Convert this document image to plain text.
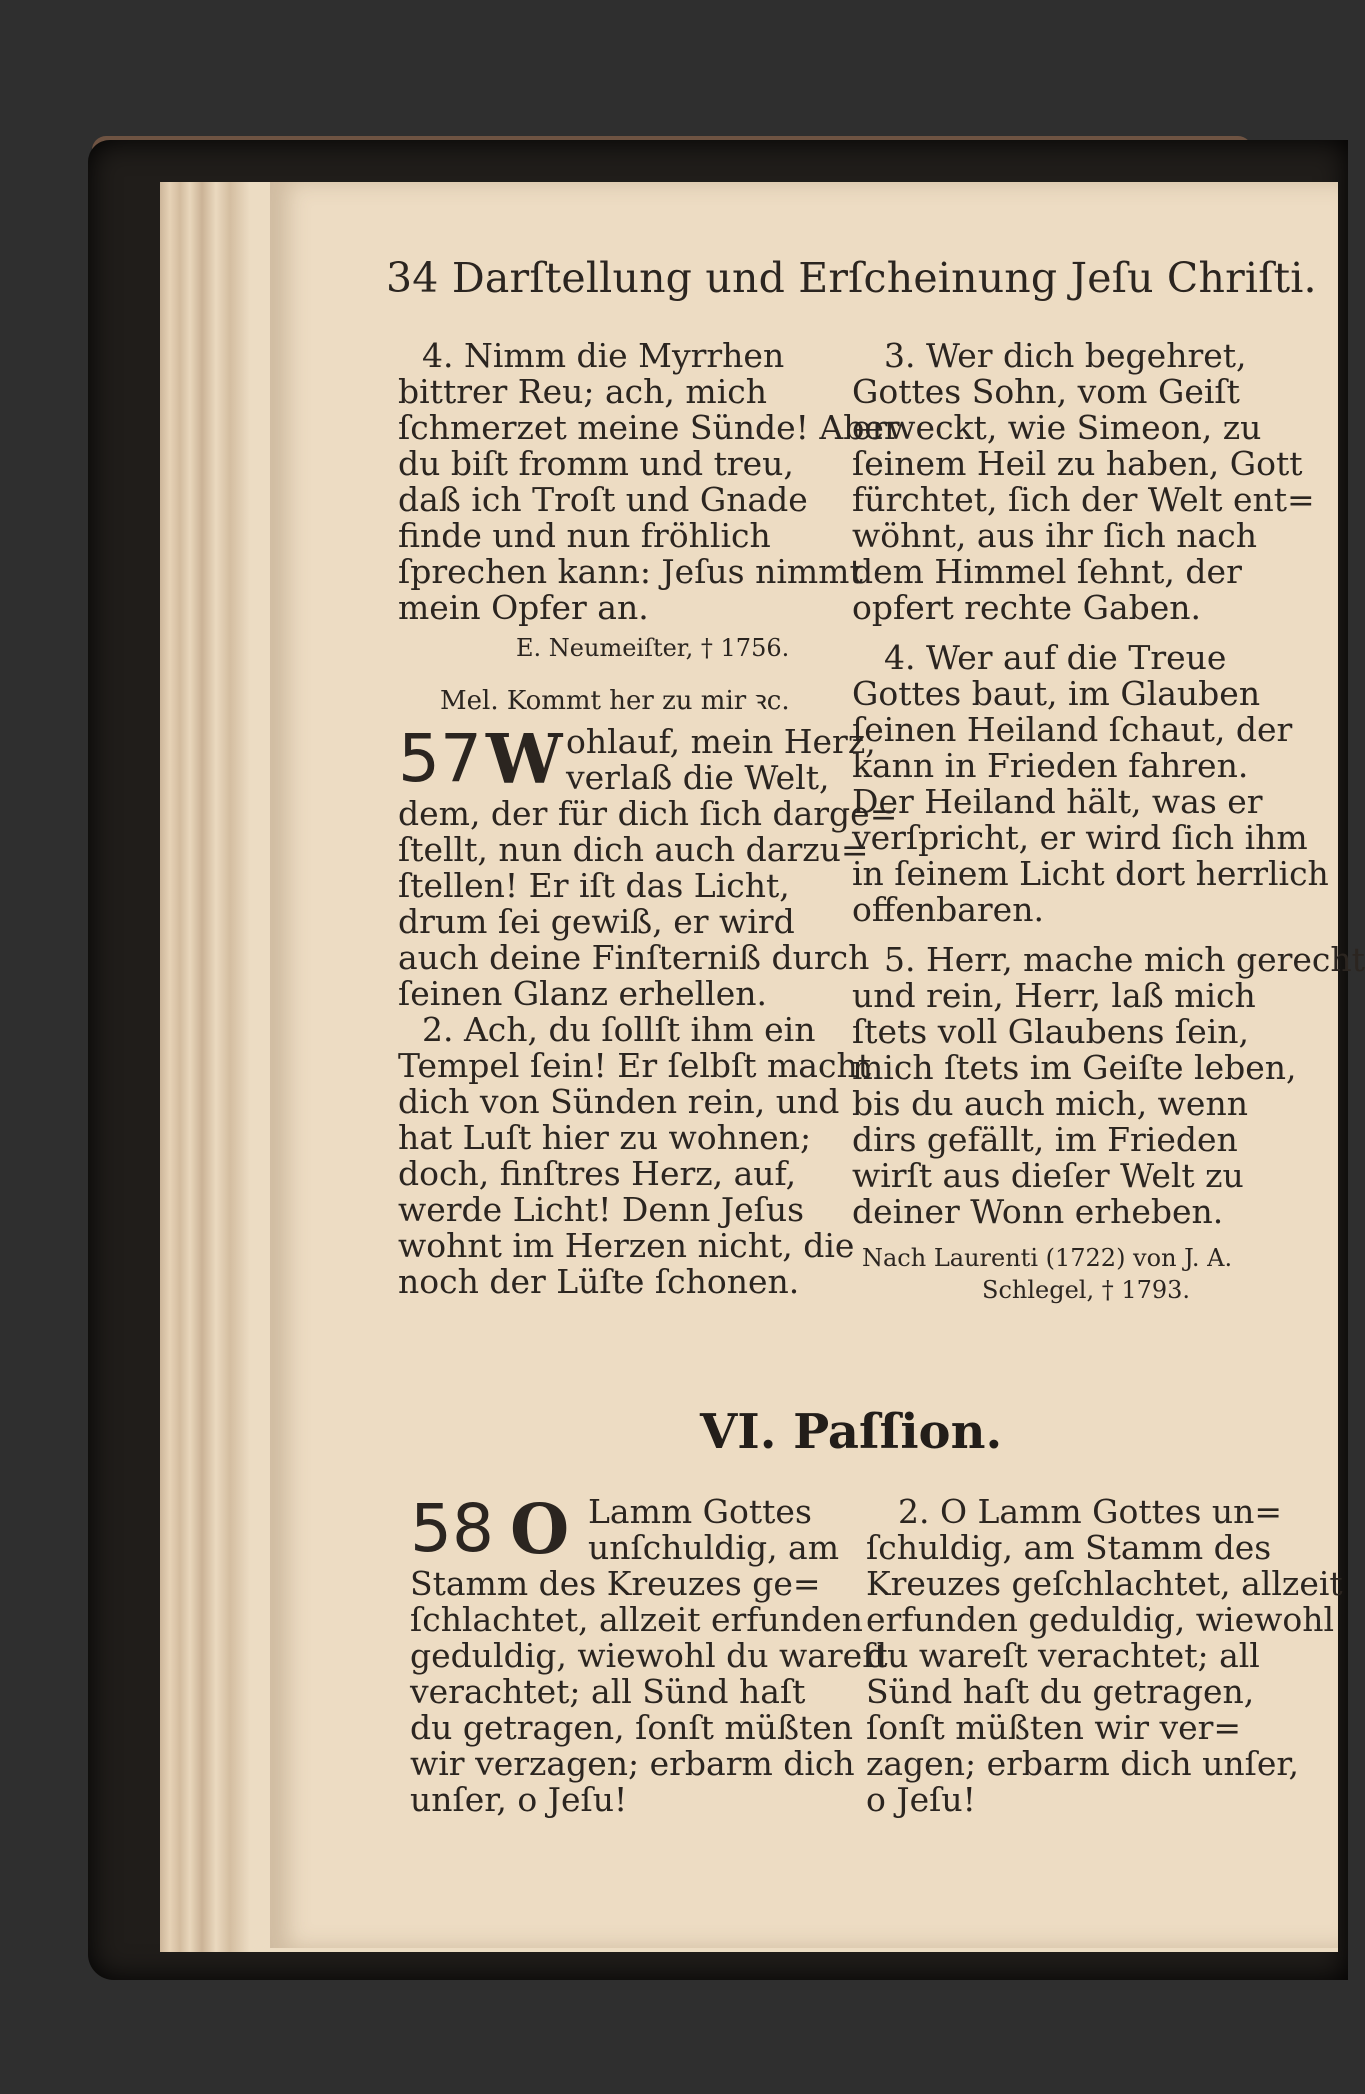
34 Darſtellung und Erſcheinung Jeſu Chriſti.
4. Nimm die Myrrhen
bittrer Reu; ach, mich
ſchmerzet meine Sünde! Aber
du biſt fromm und treu,
daß ich Troſt und Gnade
finde und nun fröhlich
ſprechen kann: Jeſus nimmt
mein Opfer an.
E. Neumeiſter, † 1756.
Mel. Kommt her zu mir ꝛc.
57 W ohlauf, mein Herz,
verlaß die Welt,
dem, der für dich ſich darge=
ſtellt, nun dich auch darzu=
ſtellen! Er iſt das Licht,
drum ſei gewiß, er wird
auch deine Finſterniß durch
ſeinen Glanz erhellen.
2. Ach, du ſollſt ihm ein
Tempel ſein! Er ſelbſt macht
dich von Sünden rein, und
hat Luſt hier zu wohnen;
doch, finſtres Herz, auf,
werde Licht! Denn Jeſus
wohnt im Herzen nicht, die
noch der Lüſte ſchonen.
3. Wer dich begehret,
Gottes Sohn, vom Geiſt
erweckt, wie Simeon, zu
ſeinem Heil zu haben, Gott
fürchtet, ſich der Welt ent=
wöhnt, aus ihr ſich nach
dem Himmel ſehnt, der
opfert rechte Gaben.
4. Wer auf die Treue
Gottes baut, im Glauben
ſeinen Heiland ſchaut, der
kann in Frieden fahren.
Der Heiland hält, was er
verſpricht, er wird ſich ihm
in ſeinem Licht dort herrlich
offenbaren.
5. Herr, mache mich gerecht
und rein, Herr, laß mich
ſtets voll Glaubens ſein,
mich ſtets im Geiſte leben,
bis du auch mich, wenn
dirs gefällt, im Frieden
wirſt aus dieſer Welt zu
deiner Wonn erheben.
Nach Laurenti (1722) von J. A.
Schlegel, † 1793.
VI. Paſſion.
58 O Lamm Gottes
unſchuldig, am
Stamm des Kreuzes ge=
ſchlachtet, allzeit erfunden
geduldig, wiewohl du wareſt
verachtet; all Sünd haſt
du getragen, ſonſt müßten
wir verzagen; erbarm dich
unſer, o Jeſu!
2. O Lamm Gottes un=
ſchuldig, am Stamm des
Kreuzes geſchlachtet, allzeit
erfunden geduldig, wiewohl
du wareſt verachtet; all
Sünd haſt du getragen,
ſonſt müßten wir ver=
zagen; erbarm dich unſer,
o Jeſu!
